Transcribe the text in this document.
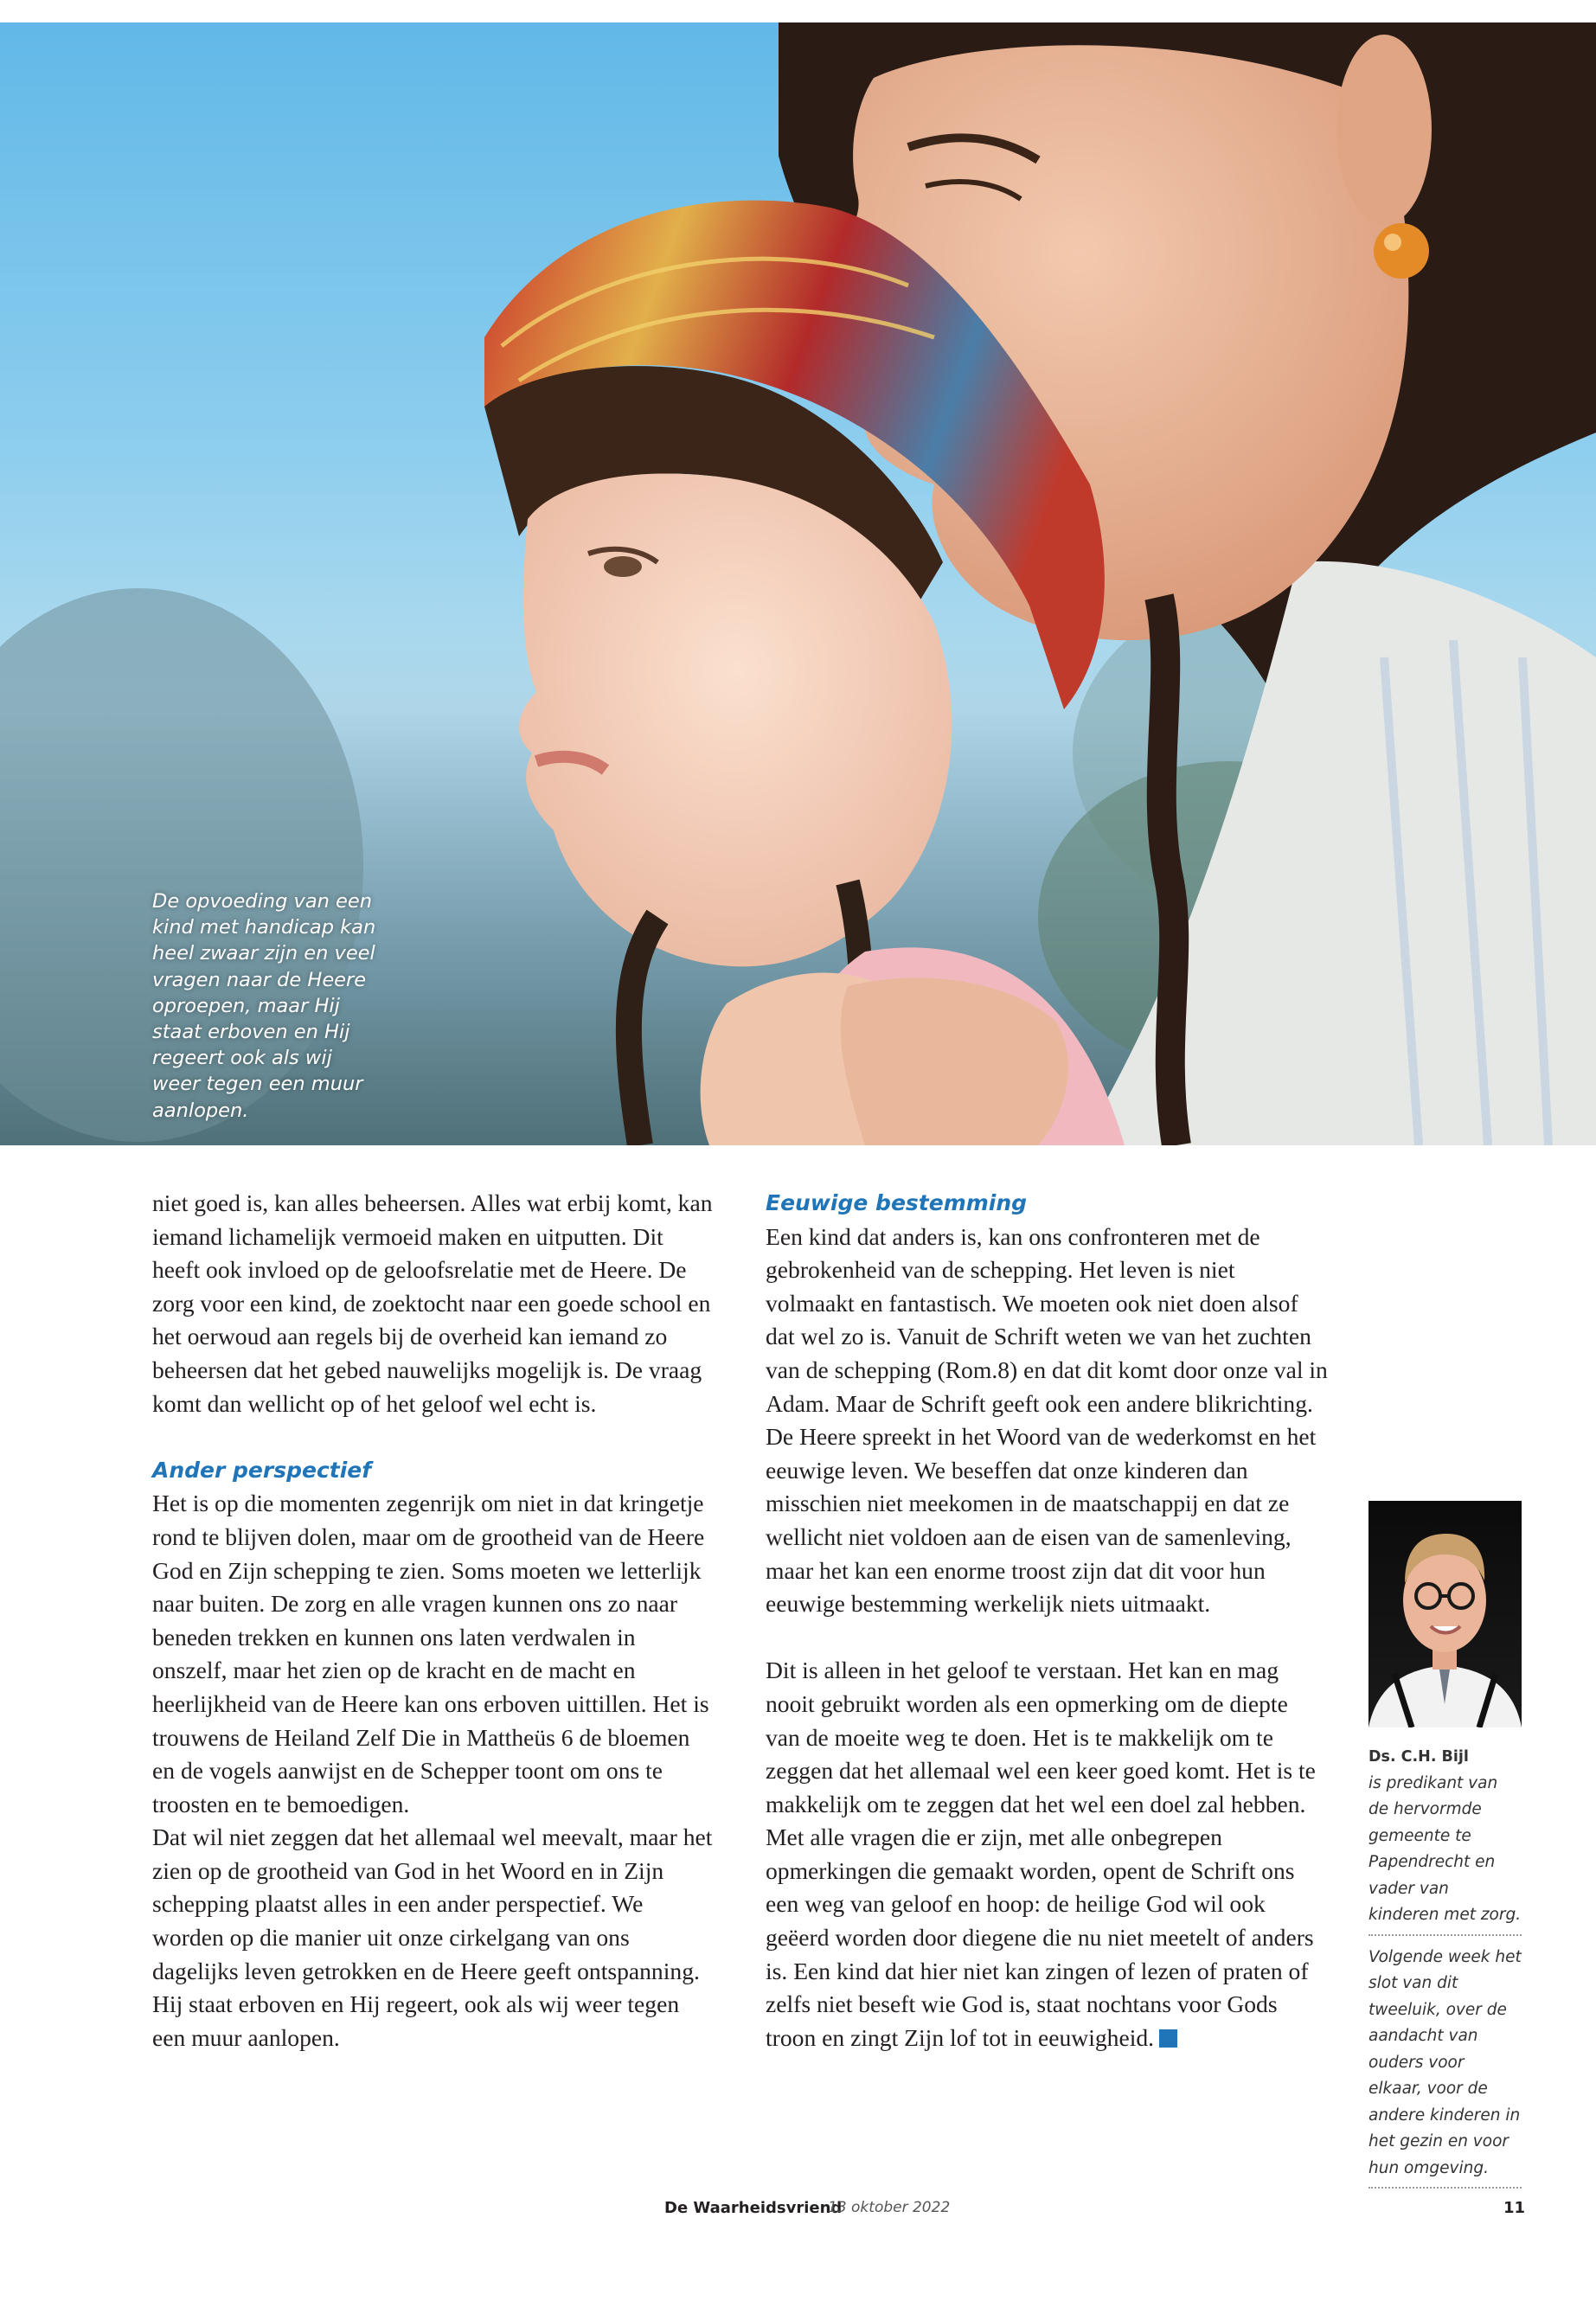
De opvoeding van een kind met handicap kan heel zwaar zijn en veel vragen naar de Heere oproepen, maar Hij staat erboven en Hij regeert ook als wij weer tegen een muur aanlopen.

niet goed is, kan alles beheersen. Alles wat erbij komt, kan iemand lichamelijk vermoeid maken en uitputten. Dit heeft ook invloed op de geloofsrelatie met de Heere. De zorg voor een kind, de zoektocht naar een goede school en het oerwoud aan regels bij de overheid kan iemand zo beheersen dat het gebed nauwelijks mogelijk is. De vraag komt dan wellicht op of het geloof wel echt is.

Ander perspectief

Het is op die momenten zegenrijk om niet in dat kringetje rond te blijven dolen, maar om de grootheid van de Heere God en Zijn schepping te zien. Soms moeten we letterlijk naar buiten. De zorg en alle vragen kunnen ons zo naar beneden trekken en kunnen ons laten verdwalen in onszelf, maar het zien op de kracht en de macht en heerlijkheid van de Heere kan ons erboven uittillen. Het is trouwens de Heiland Zelf Die in Mattheüs 6 de bloemen en de vogels aanwijst en de Schepper toont om ons te troosten en te bemoedigen.

Dat wil niet zeggen dat het allemaal wel meevalt, maar het zien op de grootheid van God in het Woord en in Zijn schepping plaatst alles in een ander perspectief. We worden op die manier uit onze cirkelgang van ons dagelijks leven getrokken en de Heere geeft ontspanning. Hij staat erboven en Hij regeert, ook als wij weer tegen een muur aanlopen.

Eeuwige bestemming

Een kind dat anders is, kan ons confronteren met de gebrokenheid van de schepping. Het leven is niet volmaakt en fantastisch. We moeten ook niet doen alsof dat wel zo is. Vanuit de Schrift weten we van het zuchten van de schepping (Rom.8) en dat dit komt door onze val in Adam. Maar de Schrift geeft ook een andere blikrichting. De Heere spreekt in het Woord van de wederkomst en het eeuwige leven. We beseffen dat onze kinderen dan misschien niet meekomen in de maatschappij en dat ze wellicht niet voldoen aan de eisen van de samenleving, maar het kan een enorme troost zijn dat dit voor hun eeuwige bestemming werkelijk niets uitmaakt.

Dit is alleen in het geloof te verstaan. Het kan en mag nooit gebruikt worden als een opmerking om de diepte van de moeite weg te doen. Het is te makkelijk om te zeggen dat het allemaal wel een keer goed komt. Het is te makkelijk om te zeggen dat het wel een doel zal hebben.

Met alle vragen die er zijn, met alle onbegrepen opmerkingen die gemaakt worden, opent de Schrift ons een weg van geloof en hoop: de heilige God wil ook geëerd worden door diegene die nu niet meetelt of anders is. Een kind dat hier niet kan zingen of lezen of praten of zelfs niet beseft wie God is, staat nochtans voor Gods troon en zingt Zijn lof tot in eeuwigheid.

Ds. C.H. Bijl

is predikant van de hervormde gemeente te Papendrecht en vader van kinderen met zorg.

Volgende week het slot van dit tweeluik, over de aandacht van ouders voor elkaar, voor de andere kinderen in het gezin en voor hun omgeving.

De Waarheidsvriend
13 oktober 2022	11
